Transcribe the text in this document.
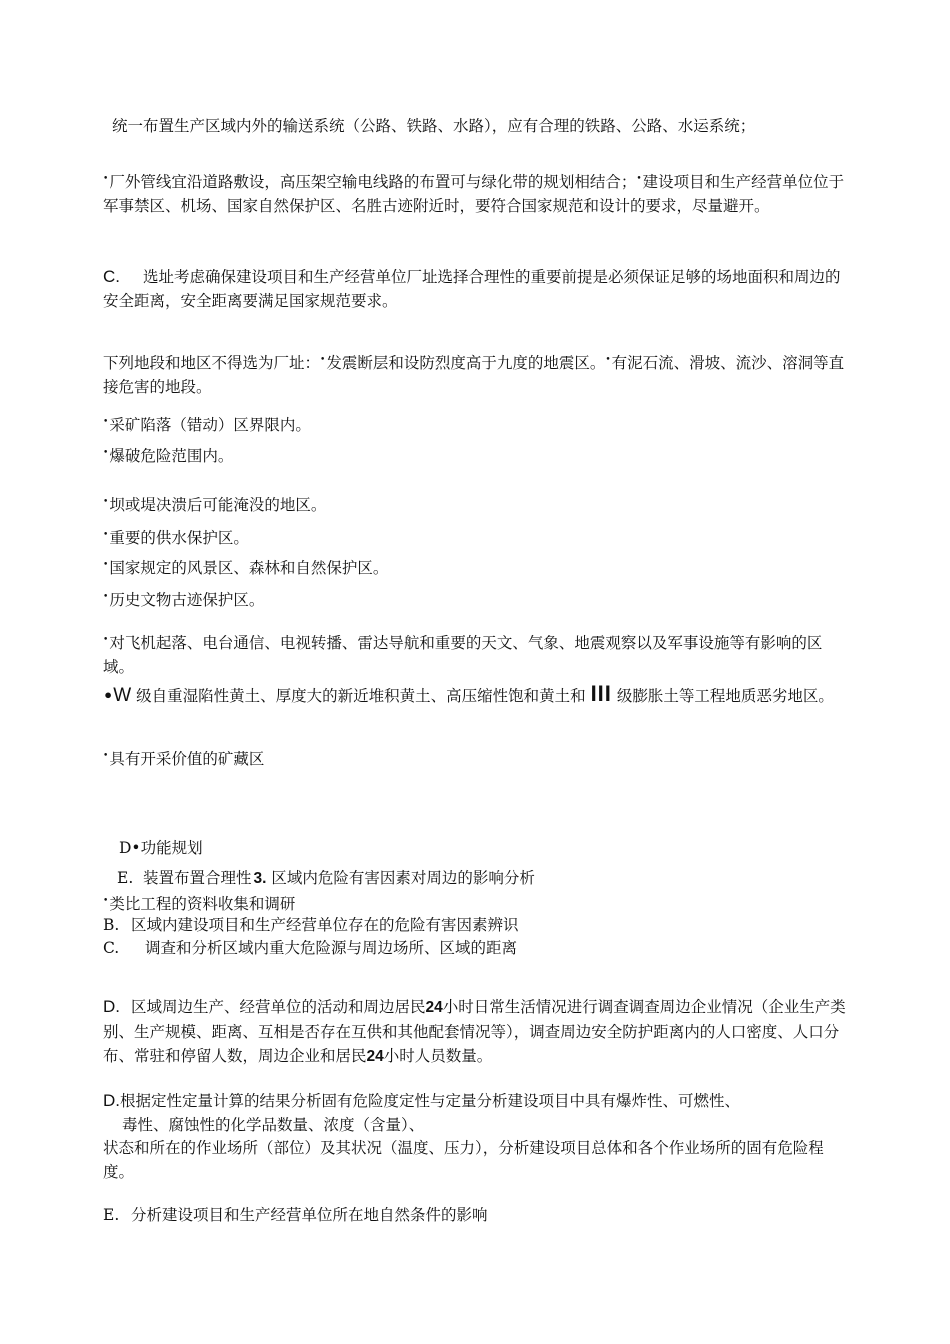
统一布置生产区域内外的输送系统（公路、铁路、水路），应有合理的铁路、公路、水运系统；

•厂外管线宜沿道路敷设，高压架空输电线路的布置可与绿化带的规划相结合；•建设项目和生产经营单位位于军事禁区、机场、国家自然保护区、名胜古迹附近时，要符合国家规范和设计的要求，尽量避开。

C. 选址考虑确保建设项目和生产经营单位厂址选择合理性的重要前提是必须保证足够的场地面积和周边的安全距离，安全距离要满足国家规范要求。

下列地段和地区不得选为厂址：•发震断层和设防烈度高于九度的地震区。•有泥石流、滑坡、流沙、溶洞等直接危害的地段。

•采矿陷落（错动）区界限内。

•爆破危险范围内。

•坝或堤决溃后可能淹没的地区。

•重要的供水保护区。

•国家规定的风景区、森林和自然保护区。

•历史文物古迹保护区。

•对飞机起落、电台通信、电视转播、雷达导航和重要的天文、气象、地震观察以及军事设施等有影响的区域。

•W 级自重湿陷性黄土、厚度大的新近堆积黄土、高压缩性饱和黄土和 III 级膨胀土等工程地质恶劣地区。

•具有开采价值的矿藏区

D•功能规划

E. 装置布置合理性 3. 区域内危险有害因素对周边的影响分析

•类比工程的资料收集和调研

B. 区域内建设项目和生产经营单位存在的危险有害因素辨识

C. 调查和分析区域内重大危险源与周边场所、区域的距离

D. 区域周边生产、经营单位的活动和周边居民24小时日常生活情况进行调查调查周边企业情况（企业生产类别、生产规模、距离、互相是否存在互供和其他配套情况等），调查周边安全防护距离内的人口密度、人口分布、常驻和停留人数，周边企业和居民24小时人员数量。

D.根据定性定量计算的结果分析固有危险度定性与定量分析建设项目中具有爆炸性、可燃性、

毒性、腐蚀性的化学品数量、浓度（含量）、

状态和所在的作业场所（部位）及其状况（温度、压力），分析建设项目总体和各个作业场所的固有危险程度。

E. 分析建设项目和生产经营单位所在地自然条件的影响
